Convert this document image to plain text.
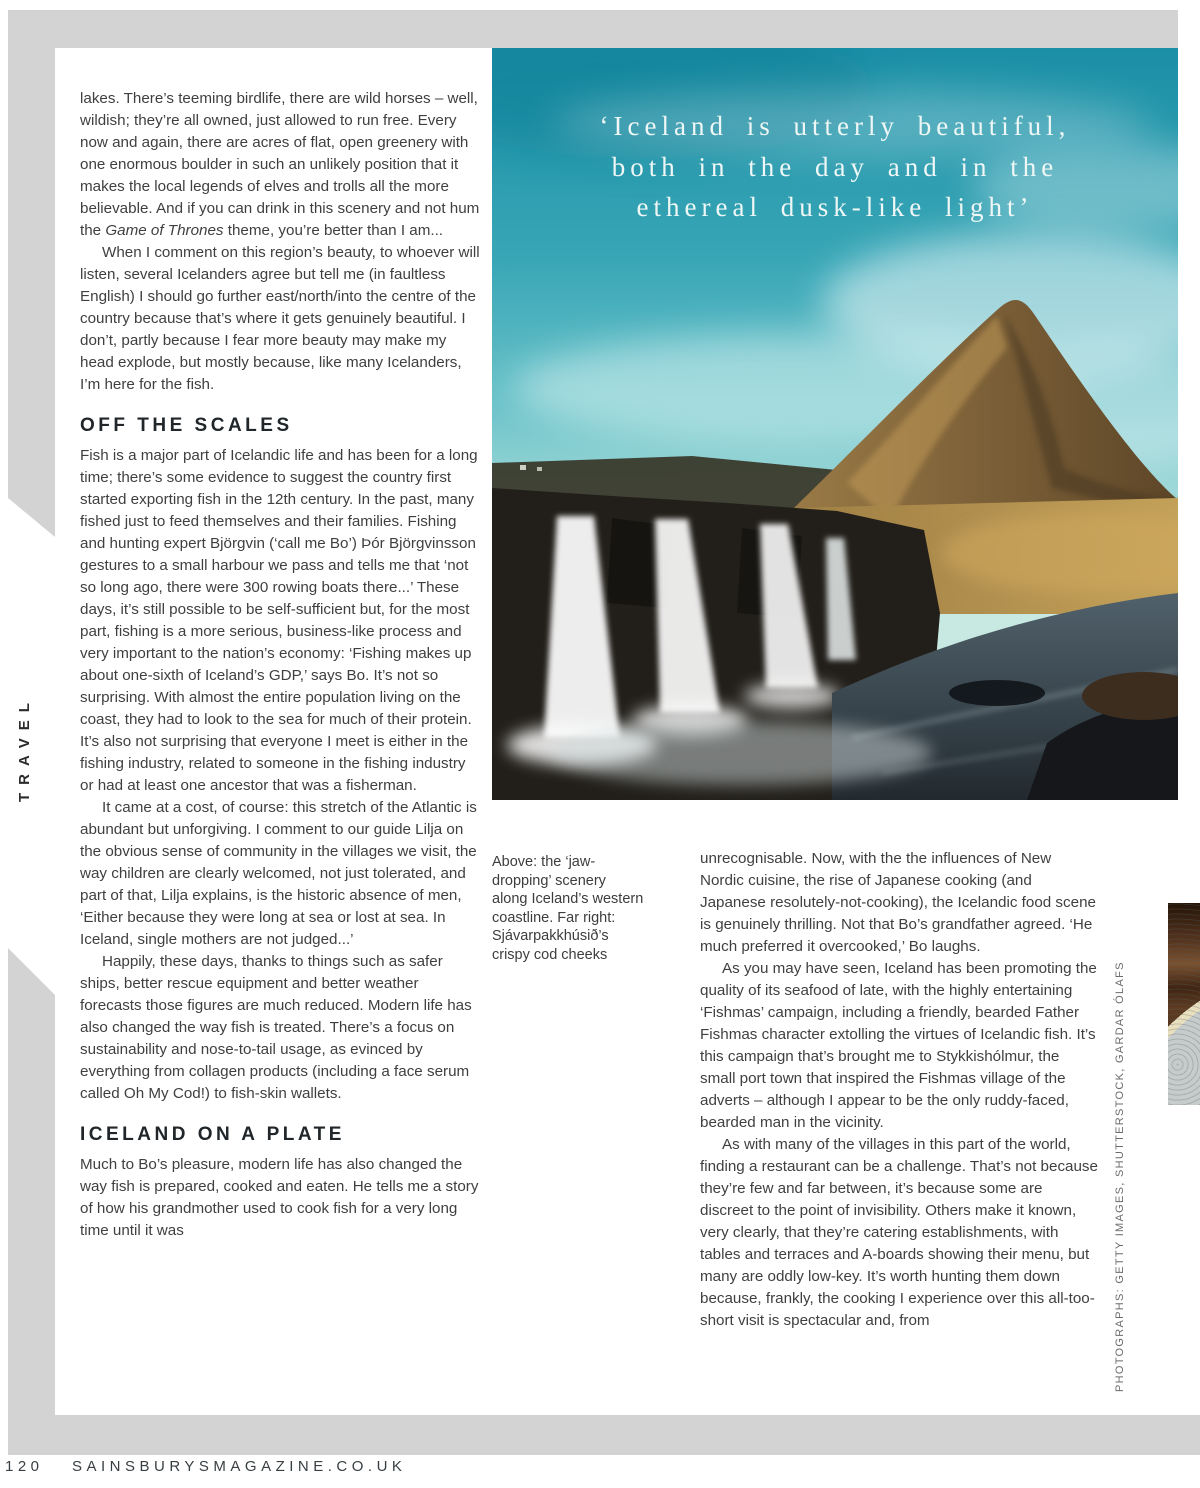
TRAVEL
‘Iceland is utterly beautiful,
both in the day and in the
ethereal dusk-like light’

lakes. There’s teeming birdlife, there are wild horses – well, wildish; they’re all owned, just allowed to run free. Every now and again, there are acres of flat, open greenery with one enormous boulder in such an unlikely position that it makes the local legends of elves and trolls all the more believable. And if you can drink in this scenery and not hum the Game of Thrones theme, you’re better than I am...

When I comment on this region’s beauty, to whoever will listen, several Icelanders agree but tell me (in faultless English) I should go further east/north/into the centre of the country because that’s where it gets genuinely beautiful. I don’t, partly because I fear more beauty may make my head explode, but mostly because, like many Icelanders, I’m here for the fish.

OFF THE SCALES

Fish is a major part of Icelandic life and has been for a long time; there’s some evidence to suggest the country first started exporting fish in the 12th century. In the past, many fished just to feed themselves and their families. Fishing and hunting expert Björgvin (‘call me Bo’) Þór Björgvinsson gestures to a small harbour we pass and tells me that ‘not so long ago, there were 300 rowing boats there...’ These days, it’s still possible to be self-sufficient but, for the most part, fishing is a more serious, business-like process and very important to the nation’s economy: ‘Fishing makes up about one-sixth of Iceland’s GDP,’ says Bo. It’s not so surprising. With almost the entire population living on the coast, they had to look to the sea for much of their protein. It’s also not surprising that everyone I meet is either in the fishing industry, related to someone in the fishing industry or had at least one ancestor that was a fisherman.

It came at a cost, of course: this stretch of the Atlantic is abundant but unforgiving. I comment to our guide Lilja on the obvious sense of community in the villages we visit, the way children are clearly welcomed, not just tolerated, and part of that, Lilja explains, is the historic absence of men, ‘Either because they were long at sea or lost at sea. In Iceland, single mothers are not judged...’

Happily, these days, thanks to things such as safer ships, better rescue equipment and better weather forecasts those figures are much reduced. Modern life has also changed the way fish is treated. There’s a focus on sustainability and nose-to-tail usage, as evinced by everything from collagen products (including a face serum called Oh My Cod!) to fish-skin wallets.

ICELAND ON A PLATE

Much to Bo’s pleasure, modern life has also changed the way fish is prepared, cooked and eaten. He tells me a story of how his grandmother used to cook fish for a very long time until it was

Above: the ‘jaw-dropping’ scenery along Iceland’s western coastline. Far right: Sjávarpakkhúsið’s crispy cod cheeks

unrecognisable. Now, with the the influences of New Nordic cuisine, the rise of Japanese cooking (and Japanese resolutely-not-cooking), the Icelandic food scene is genuinely thrilling. Not that Bo’s grandfather agreed. ‘He much preferred it overcooked,’ Bo laughs.

As you may have seen, Iceland has been promoting the quality of its seafood of late, with the highly entertaining ‘Fishmas’ campaign, including a friendly, bearded Father Fishmas character extolling the virtues of Icelandic fish. It’s this campaign that’s brought me to Stykkishólmur, the small port town that inspired the Fishmas village of the adverts – although I appear to be the only ruddy-faced, bearded man in the vicinity.

As with many of the villages in this part of the world, finding a restaurant can be a challenge. That’s not because they’re few and far between, it’s because some are discreet to the point of invisibility. Others make it known, very clearly, that they’re catering establishments, with tables and terraces and A-boards showing their menu, but many are oddly low-key. It’s worth hunting them down because, frankly, the cooking I experience over this all-too-short visit is spectacular and, from	PHOTOGRAPHS: GETTY IMAGES, SHUTTERSTOCK, GARDAR ÓLAFS
120 SAINSBURYSMAGAZINE.CO.UK
